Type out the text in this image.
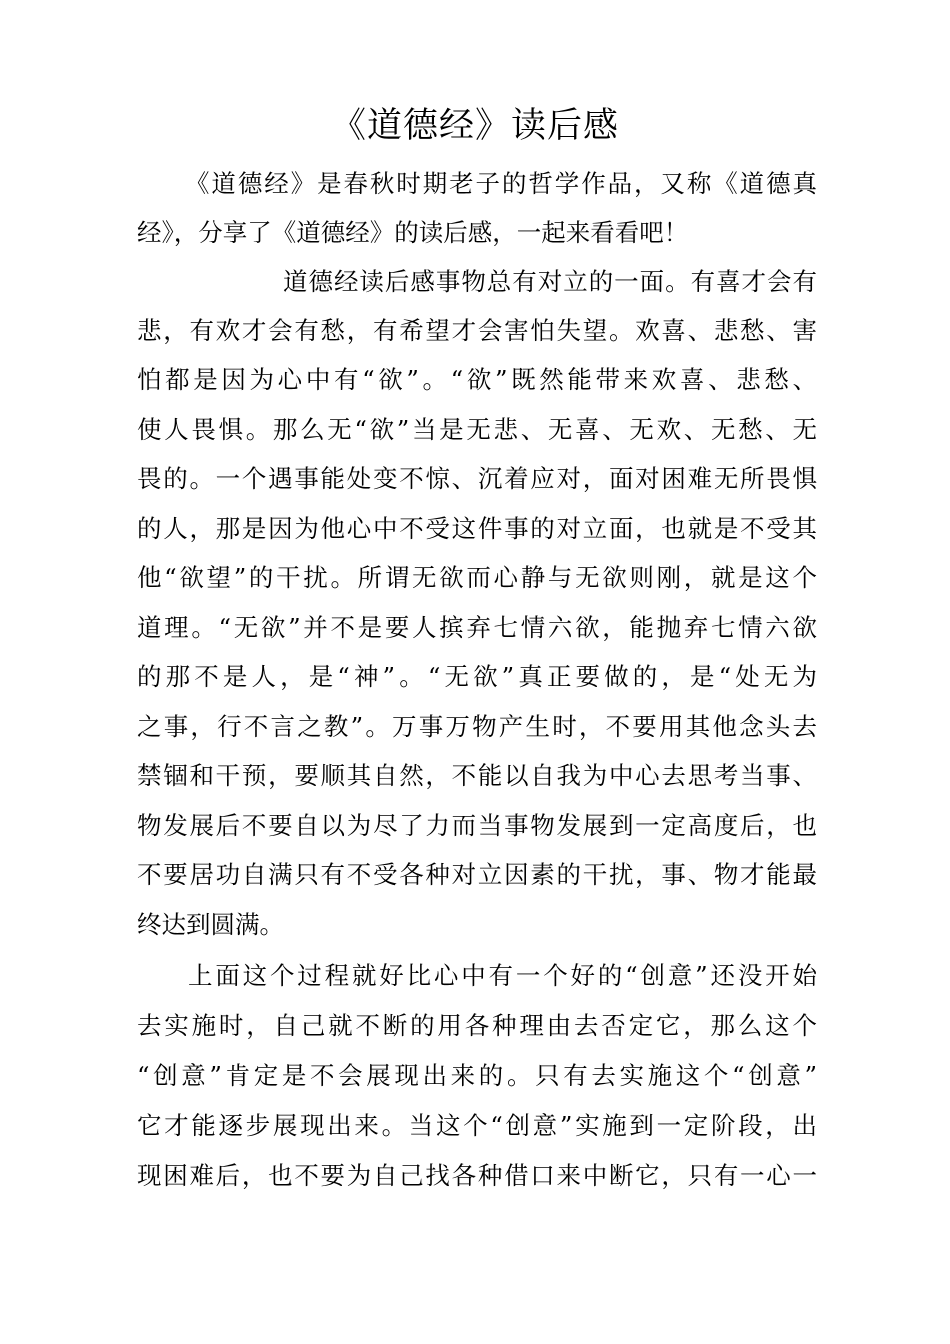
《道德经》读后感
《道德经》是春秋时期老子的哲学作品，又称《道德真
经》，分享了《道德经》的读后感，一起来看看吧！
道德经读后感事物总有对立的一面。有喜才会有
悲，有欢才会有愁，有希望才会害怕失望。欢喜、悲愁、害
怕都是因为心中有“欲”。“欲”既然能带来欢喜、悲愁、
使人畏惧。那么无“欲”当是无悲、无喜、无欢、无愁、无
畏的。一个遇事能处变不惊、沉着应对，面对困难无所畏惧
的人，那是因为他心中不受这件事的对立面，也就是不受其
他“欲望”的干扰。所谓无欲而心静与无欲则刚，就是这个
道理。“无欲”并不是要人摈弃七情六欲，能抛弃七情六欲
的那不是人，是“神”。“无欲”真正要做的，是“处无为
之事，行不言之教”。万事万物产生时，不要用其他念头去
禁锢和干预，要顺其自然，不能以自我为中心去思考当事、
物发展后不要自以为尽了力而当事物发展到一定高度后，也
不要居功自满只有不受各种对立因素的干扰，事、物才能最
终达到圆满。
上面这个过程就好比心中有一个好的“创意”还没开始
去实施时，自己就不断的用各种理由去否定它，那么这个
“创意”肯定是不会展现出来的。只有去实施这个“创意”
它才能逐步展现出来。当这个“创意”实施到一定阶段，出
现困难后，也不要为自己找各种借口来中断它，只有一心一
